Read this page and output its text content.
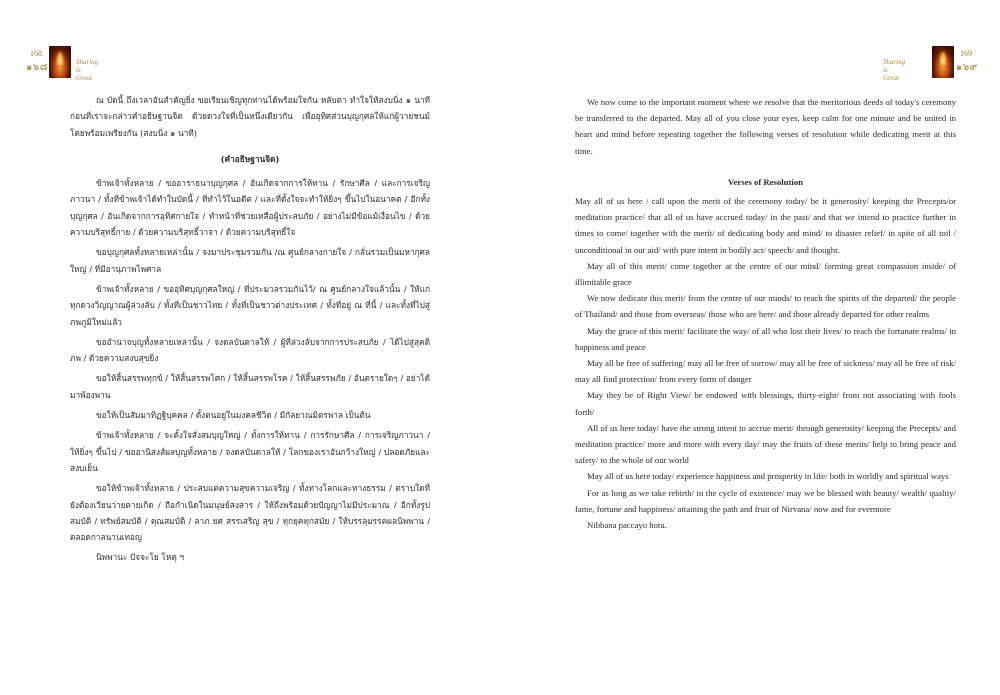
168
๑๖๘	Sharing is Great

ณ บัดนี้ ถึงเวลาอันสำคัญยิ่ง ขอเรียนเชิญทุกท่านได้พร้อมใจกัน หลับตา ทำใจให้สงบนิ่ง ๑ นาที ก่อนที่เราจะกล่าวคำอธิษฐานจิต ด้วยดวงใจที่เป็นหนึ่งเดียวกัน เพื่ออุทิศส่วนบุญกุศลให้แก่ผู้วายชนม์ โดยพร้อมเพรียงกัน (สงบนิ่ง ๑ นาที)

(คำอธิษฐานจิต)

ข้าพเจ้าทั้งหลาย / ขออาราธนาบุญกุศล / อันเกิดจากการให้ทาน / รักษาศีล / และการเจริญภาวนา / ทั้งที่ข้าพเจ้าได้ทำในบัดนี้ / ที่ทำไว้ในอดีต / และที่ตั้งใจจะทำให้ยิ่งๆ ขึ้นไปในอนาคต / อีกทั้งบุญกุศล / อันเกิดจากการอุทิศกายใจ / ทำหน้าที่ช่วยเหลือผู้ประสบภัย / อย่างไม่มีข้อแม้เงื่อนไข / ด้วยความบริสุทธิ์กาย / ด้วยความบริสุทธิ์วาจา / ด้วยความบริสุทธิ์ใจ

ขอบุญกุศลทั้งหลายเหล่านั้น / จงมาประชุมรวมกัน /ณ ศูนย์กลางกายใจ / กลั่นรวมเป็นมหากุศลใหญ่ / ที่มีอานุภาพไพศาล

ข้าพเจ้าทั้งหลาย / ขออุทิศบุญกุศลใหญ่ / ที่ประมวลรวมกันไว้/ ณ ศูนย์กลางใจแล้วนั้น / ให้แก่ทุกดวงวิญญาณผู้ล่วงลับ / ทั้งที่เป็นชาวไทย / ทั้งที่เป็นชาวต่างประเทศ / ทั้งที่อยู่ ณ ที่นี้ / และทั้งที่ไปสู่ภพภูมิใหม่แล้ว

ขออำนาจบุญทั้งหลายเหล่านั้น / จงดลบันดาลให้ / ผู้ที่ล่วงลับจากการประสบภัย / ได้ไปสู่สุคติภพ / ด้วยความสงบสุขยิ่ง

ขอให้สิ้นสรรพทุกข์ / ให้สิ้นสรรพโศก / ให้สิ้นสรรพโรค / ให้สิ้นสรรพภัย / อันตรายใดๆ / อย่าได้มาพ้องพาน

ขอให้เป็นสัมมาทิฏฐิบุคคล / ตั้งตนอยู่ในมงคลชีวิต / มีกัลยาณมิตรพาล เป็นต้น

ข้าพเจ้าทั้งหลาย / จะตั้งใจสั่งสมบุญใหญ่ / ทั้งการให้ทาน / การรักษาศีล / การเจริญภาวนา / ให้ยิ่งๆ ขึ้นไป / ขออานิสงส์ผลบุญทั้งหลาย / จงดลบันดาลให้ / โลกของเราอันกว้างใหญ่ / ปลอดภัยและสงบเย็น

ขอให้ข้าพเจ้าทั้งหลาย / ประสบแต่ความสุขความเจริญ / ทั้งทางโลกและทางธรรม / ตราบใดที่ยังต้องเวียนว่ายตายเกิด / ถือกำเนิดในมนุษย์สงสาร / ให้ถึงพร้อมด้วยปัญญาไม่มีประมาณ / อีกทั้งรูปสมบัติ / ทรัพย์สมบัติ / คุณสมบัติ / ลาภ ยศ สรรเสริญ สุข / ทุกยุคทุกสมัย / ให้บรรลุมรรคผลนิพพาน / ตลอดกาลนานเทอญ

นิพพานะ ปัจจะโย โหตุ ฯ

Sharing is Great
169
๑๖๙

We now come to the important moment where we resolve that the meritorious deeds of today's ceremony be transferred to the departed. May all of you close your eyes, keep calm for one minute and be united in heart and mind before repeating together the following verses of resolution while dedicating merit at this time.

Verses of Resolution

May all of us here / call upon the merit of the ceremony today/ be it generosity/ keeping the Precepts/or meditation practice/ that all of us have accrued today/ in the past/ and that we intend to practice further in times to come/ together with the merit/ of dedicating body and mind/ to disaster relief/ in spite of all toil / unconditional in our aid/ with pure intent in bodily act/ speech/ and thought.

May all of this merit/ come together at the centre of our mind/ forming great compassion inside/ of illimitable grace

We now dedicate this merit/ from the centre of our minds/ to reach the spirits of the departed/ the people of Thailand/ and those from overseas/ those who are here/ and those already departed for other realms

May the grace of this merit/ facilitate the way/ of all who lost their lives/ to reach the fortunate realms/ in happiness and peace

May all be free of suffering/ may all be free of sorrow/ may all be free of sickness/ may all be free of risk/ may all find protection/ from every form of danger

May they be of Right View/ be endowed with blessings, thirty-eight/ from not associating with fools forth/

All of us here today/ have the strong intent to accrue merit/ through generosity/ keeping the Precepts/ and meditation practice/ more and more with every day/ may the fruits of these merits/ help to bring peace and safety/ to the whole of our world

May all of us here today/ experience happiness and prosperity in life/ both in worldly and spiritual ways

For as long as we take rebirth/ in the cycle of existence/ may we be blessed with beauty/ wealth/ quality/ fame, fortune and happiness/ attaining the path and fruit of Nirvana/ now and for evermore

Nibbana paccayo hotu.
